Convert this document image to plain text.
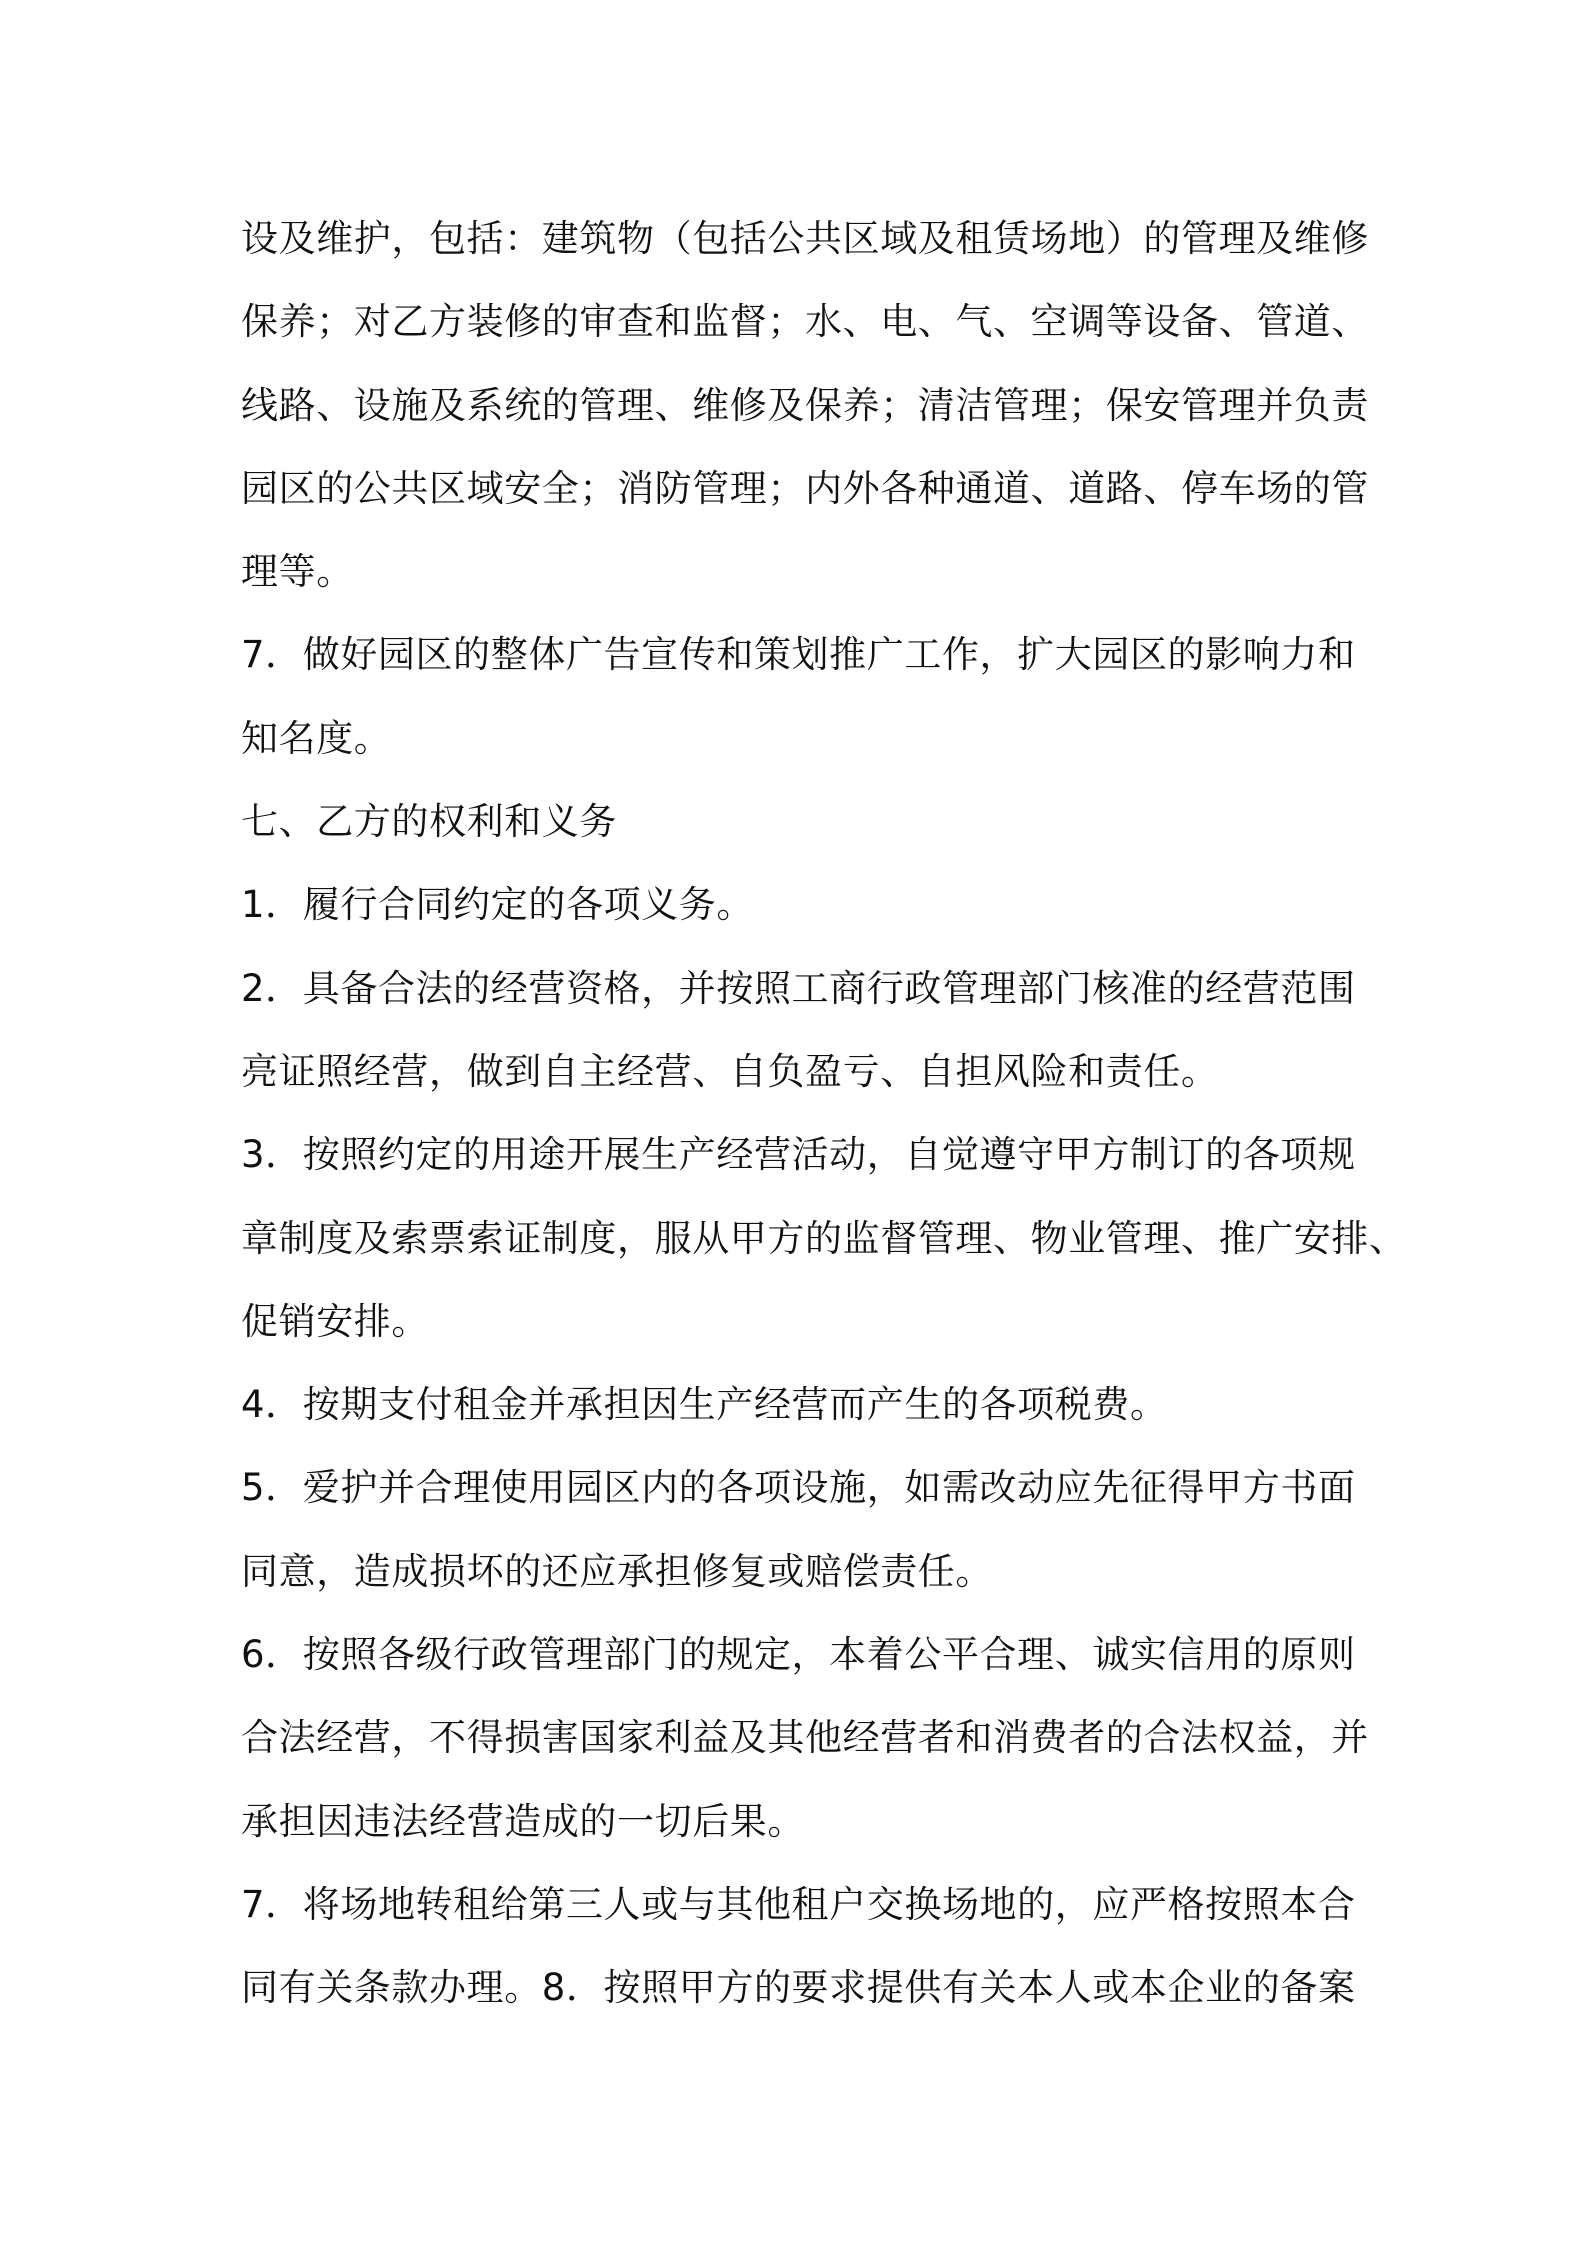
设及维护，包括：建筑物（包括公共区域及租赁场地）的管理及维修
保养；对乙方装修的审查和监督；水、电、气、空调等设备、管道、
线路、设施及系统的管理、维修及保养；清洁管理；保安管理并负责
园区的公共区域安全；消防管理；内外各种通道、道路、停车场的管
理等。
7．做好园区的整体广告宣传和策划推广工作，扩大园区的影响力和
知名度。
七、乙方的权利和义务
1．履行合同约定的各项义务。
2．具备合法的经营资格，并按照工商行政管理部门核准的经营范围
亮证照经营，做到自主经营、自负盈亏、自担风险和责任。
3．按照约定的用途开展生产经营活动，自觉遵守甲方制订的各项规
章制度及索票索证制度，服从甲方的监督管理、物业管理、推广安排、
促销安排。
4．按期支付租金并承担因生产经营而产生的各项税费。
5．爱护并合理使用园区内的各项设施，如需改动应先征得甲方书面
同意，造成损坏的还应承担修复或赔偿责任。
6．按照各级行政管理部门的规定，本着公平合理、诚实信用的原则
合法经营，不得损害国家利益及其他经营者和消费者的合法权益，并
承担因违法经营造成的一切后果。
7．将场地转租给第三人或与其他租户交换场地的，应严格按照本合
同有关条款办理。8．按照甲方的要求提供有关本人或本企业的备案
